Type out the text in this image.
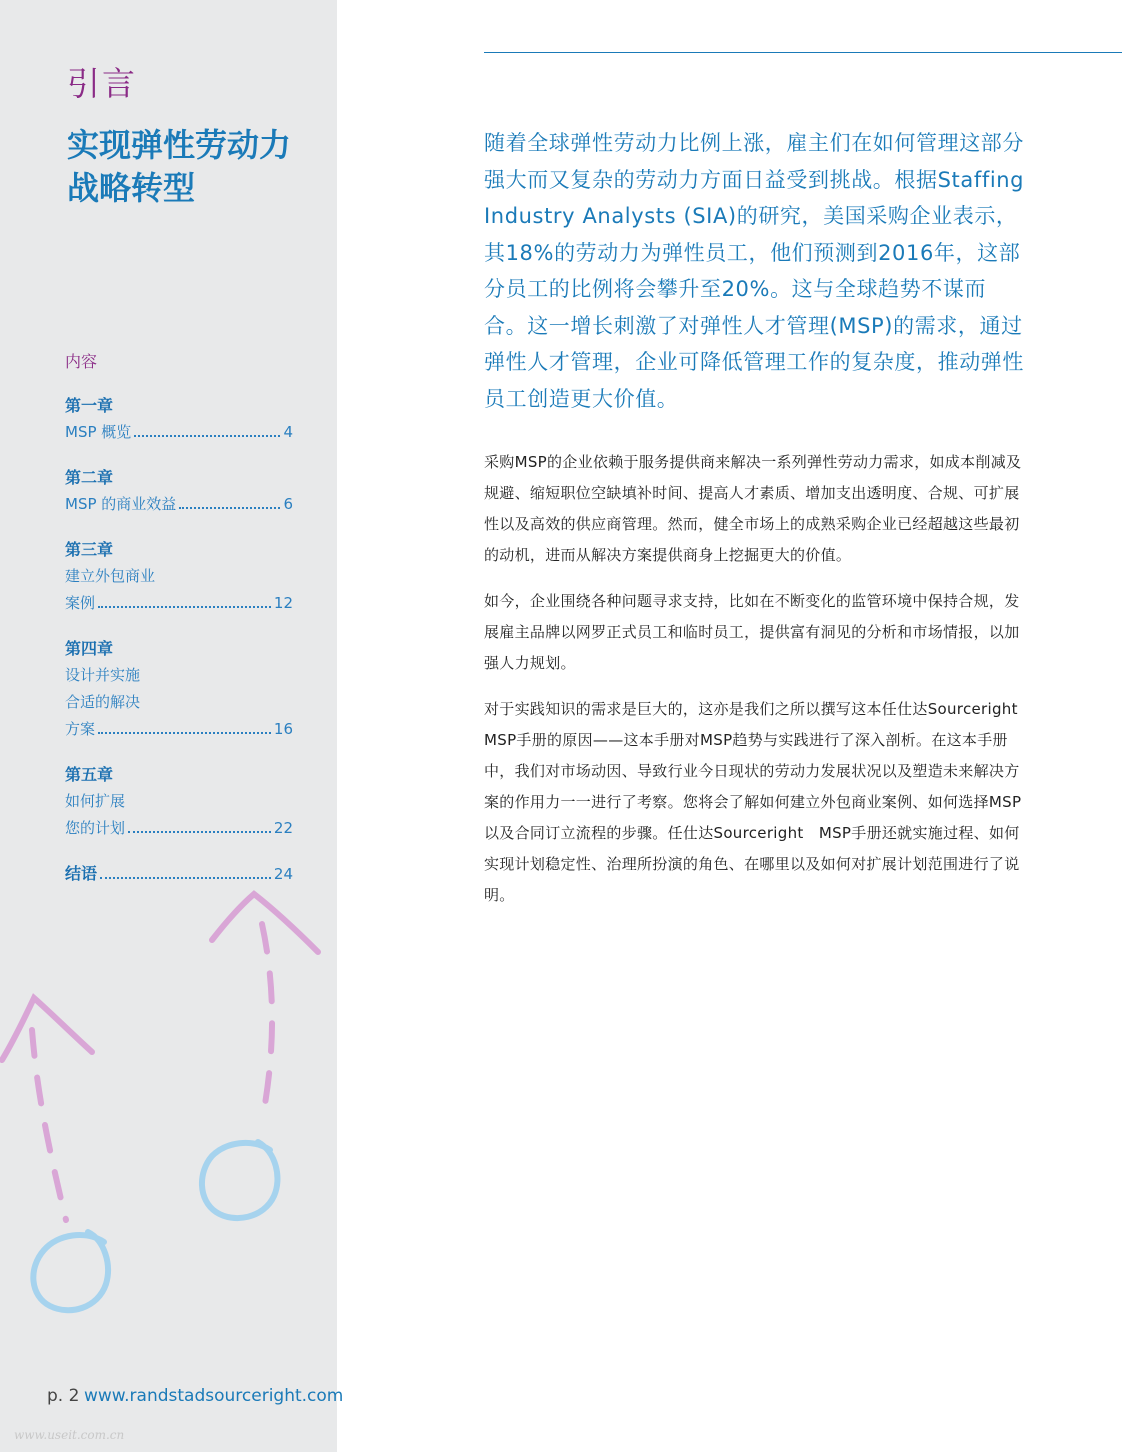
引言
实现弹性劳动力战略转型
内容
第一章
MSP 概览	4
第二章
MSP 的商业效益	6
第三章
建立外包商业
案例	12
第四章
设计并实施
合适的解决
方案	16
第五章
如何扩展
您的计划	22
结语	24
p. 2 www.randstadsourceright.com
www.useit.com.cn

随着全球弹性劳动力比例上涨，雇主们在如何管理这部分强大而又复杂的劳动力方面日益受到挑战。根据Staffing Industry Analysts (SIA)的研究，美国采购企业表示，其18%的劳动力为弹性员工，他们预测到2016年，这部分员工的比例将会攀升至20%。这与全球趋势不谋而合。这一增长刺激了对弹性人才管理(MSP)的需求，通过弹性人才管理，企业可降低管理工作的复杂度，推动弹性员工创造更大价值。

采购MSP的企业依赖于服务提供商来解决一系列弹性劳动力需求，如成本削减及规避、缩短职位空缺填补时间、提高人才素质、增加支出透明度、合规、可扩展性以及高效的供应商管理。然而，健全市场上的成熟采购企业已经超越这些最初的动机，进而从解决方案提供商身上挖掘更大的价值。

如今，企业围绕各种问题寻求支持，比如在不断变化的监管环境中保持合规，发展雇主品牌以网罗正式员工和临时员工，提供富有洞见的分析和市场情报，以加强人力规划。

对于实践知识的需求是巨大的，这亦是我们之所以撰写这本任仕达Sourceright　MSP手册的原因——这本手册对MSP趋势与实践进行了深入剖析。在这本手册中，我们对市场动因、导致行业今日现状的劳动力发展状况以及塑造未来解决方案的作用力一一进行了考察。您将会了解如何建立外包商业案例、如何选择MSP以及合同订立流程的步骤。任仕达Sourceright　MSP手册还就实施过程、如何实现计划稳定性、治理所扮演的角色、在哪里以及如何对扩展计划范围进行了说明。
